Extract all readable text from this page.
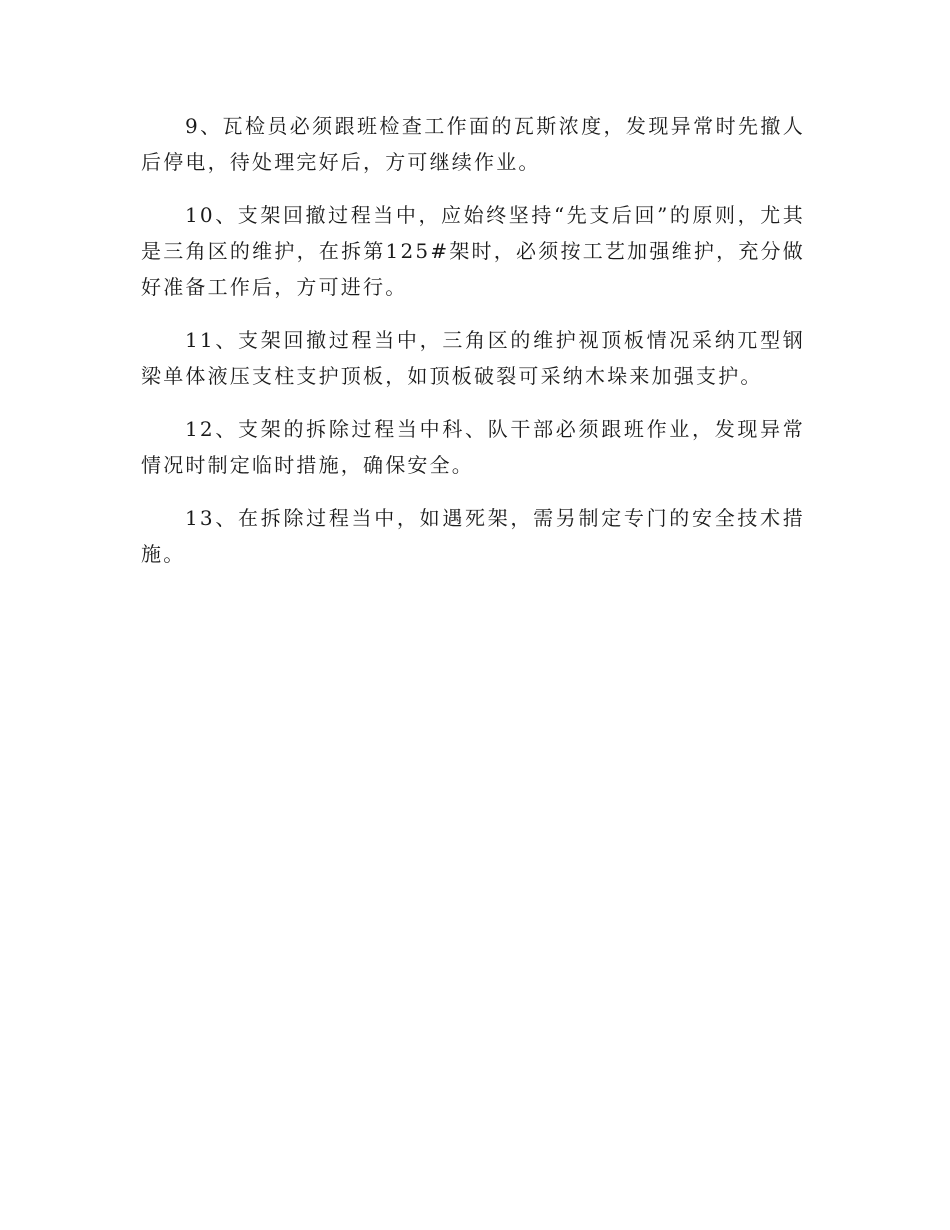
9、瓦检员必须跟班检查工作面的瓦斯浓度，发现异常时先撤人后停电，待处理完好后，方可继续作业。

10、支架回撤过程当中，应始终坚持“先支后回”的原则，尤其是三角区的维护，在拆第125#架时，必须按工艺加强维护，充分做好准备工作后，方可进行。

11、支架回撤过程当中，三角区的维护视顶板情况采纳兀型钢梁单体液压支柱支护顶板，如顶板破裂可采纳木垛来加强支护。

12、支架的拆除过程当中科、队干部必须跟班作业，发现异常情况时制定临时措施，确保安全。

13、在拆除过程当中，如遇死架，需另制定专门的安全技术措施。
